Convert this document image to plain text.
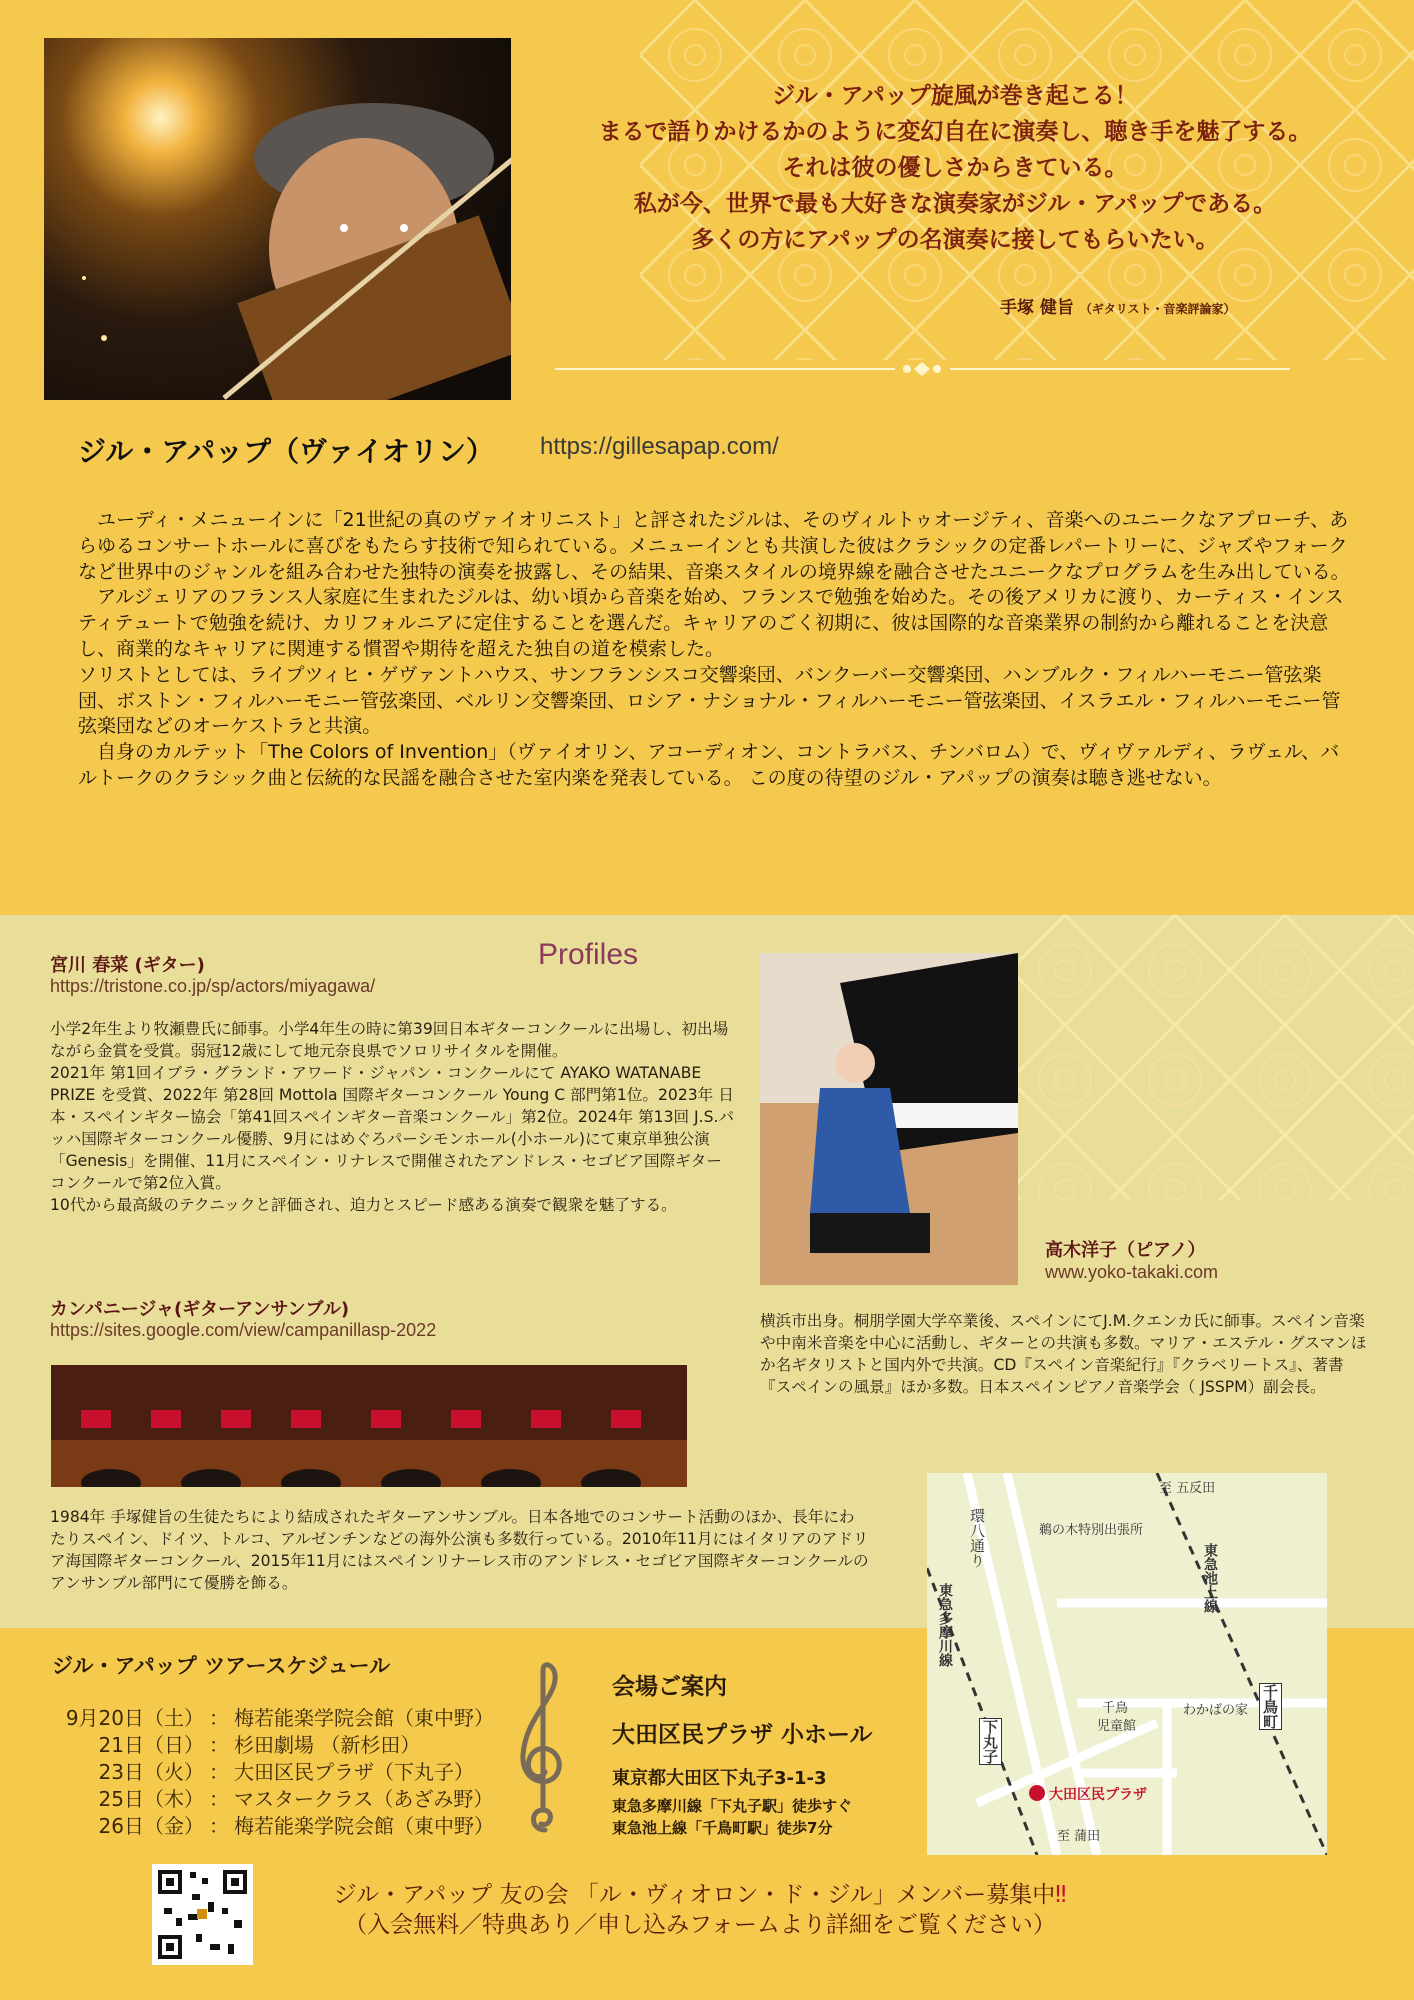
ジル・アパップ旋風が巻き起こる！
まるで語りかけるかのように変幻自在に演奏し、聴き手を魅了する。
それは彼の優しさからきている。
私が今、世界で最も大好きな演奏家がジル・アパップである。
多くの方にアパップの名演奏に接してもらいたい。
手塚 健旨 （ギタリスト・音楽評論家）
ジル・アパップ（ヴァイオリン） https://gillesapap.com/

　ユーディ・メニューインに「21世紀の真のヴァイオリニスト」と評されたジルは、そのヴィルトゥオージティ、音楽へのユニークなアプローチ、あらゆるコンサートホールに喜びをもたらす技術で知られている。メニューインとも共演した彼はクラシックの定番レパートリーに、ジャズやフォークなど世界中のジャンルを組み合わせた独特の演奏を披露し、その結果、音楽スタイルの境界線を融合させたユニークなプログラムを生み出している。

　アルジェリアのフランス人家庭に生まれたジルは、幼い頃から音楽を始め、フランスで勉強を始めた。その後アメリカに渡り、カーティス・インスティテュートで勉強を続け、カリフォルニアに定住することを選んだ。キャリアのごく初期に、彼は国際的な音楽業界の制約から離れることを決意し、商業的なキャリアに関連する慣習や期待を超えた独自の道を模索した。

ソリストとしては、ライプツィヒ・ゲヴァントハウス、サンフランシスコ交響楽団、バンクーバー交響楽団、ハンブルク・フィルハーモニー管弦楽団、ボストン・フィルハーモニー管弦楽団、ベルリン交響楽団、ロシア・ナショナル・フィルハーモニー管弦楽団、イスラエル・フィルハーモニー管弦楽団などのオーケストラと共演。

　自身のカルテット「The Colors of Invention」（ヴァイオリン、アコーディオン、コントラバス、チンバロム）で、ヴィヴァルディ、ラヴェル、バルトークのクラシック曲と伝統的な民謡を融合させた室内楽を発表している。 この度の待望のジル・アパップの演奏は聴き逃せない。

Profiles
宮川 春菜 (ギター)
https://tristone.co.jp/sp/actors/miyagawa/

小学2年生より牧瀬豊氏に師事。小学4年生の時に第39回日本ギターコンクールに出場し、初出場ながら金賞を受賞。弱冠12歳にして地元奈良県でソロリサイタルを開催。

2021年 第1回イブラ・グランド・アワード・ジャパン・コンクールにて AYAKO WATANABE PRIZE を受賞、2022年 第28回 Mottola 国際ギターコンクール Young C 部門第1位。2023年 日本・スペインギター協会「第41回スペインギター音楽コンクール」第2位。2024年 第13回 J.S.バッハ国際ギターコンクール優勝、9月にはめぐろパーシモンホール(小ホール)にて東京単独公演「Genesis」を開催、11月にスペイン・リナレスで開催されたアンドレス・セゴビア国際ギターコンクールで第2位入賞。

10代から最高級のテクニックと評価され、迫力とスピード感ある演奏で観衆を魅了する。

高木洋子（ピアノ）
www.yoko-takaki.com
横浜市出身。桐朋学園大学卒業後、スペインにてJ.M.クエンカ氏に師事。スペイン音楽や中南米音楽を中心に活動し、ギターとの共演も多数。マリア・エステル・グスマンほか名ギタリストと国内外で共演。CD『スペイン音楽紀行』『クラベリートス』、著書『スペインの風景』ほか多数。日本スペインピアノ音楽学会（ JSSPM）副会長。
カンパニージャ(ギターアンサンブル)
https://sites.google.com/view/campanillasp-2022
1984年 手塚健旨の生徒たちにより結成されたギターアンサンブル。日本各地でのコンサート活動のほか、長年にわたりスペイン、ドイツ、トルコ、アルゼンチンなどの海外公演も多数行っている。2010年11月にはイタリアのアドリア海国際ギターコンクール、2015年11月にはスペインリナーレス市のアンドレス・セゴビア国際ギターコンクールのアンサンブル部門にて優勝を飾る。
ジル・アパップ ツアースケジュール
9月20日（土） ： 梅若能楽学院会館（東中野）
21日（日） ： 杉田劇場 （新杉田）
23日（火） ： 大田区民プラザ（下丸子）
25日（木） ： マスタークラス（あざみ野）
26日（金） ： 梅若能楽学院会館（東中野）
会場ご案内
大田区民プラザ 小ホール
東京都大田区下丸子3-1-3
東急多摩川線「下丸子駅」徒歩すぐ
東急池上線「千鳥町駅」徒歩7分
至 五反田
至 蒲田
環八通り
東急多摩川線
東急池上線
下丸子
千鳥町
鵜の木特別出張所
千鳥
児童館
わかばの家
大田区民プラザ
ジル・アパップ 友の会 「ル・ヴィオロン・ド・ジル」メンバー募集中‼
（入会無料／特典あり／申し込みフォームより詳細をご覧ください）
